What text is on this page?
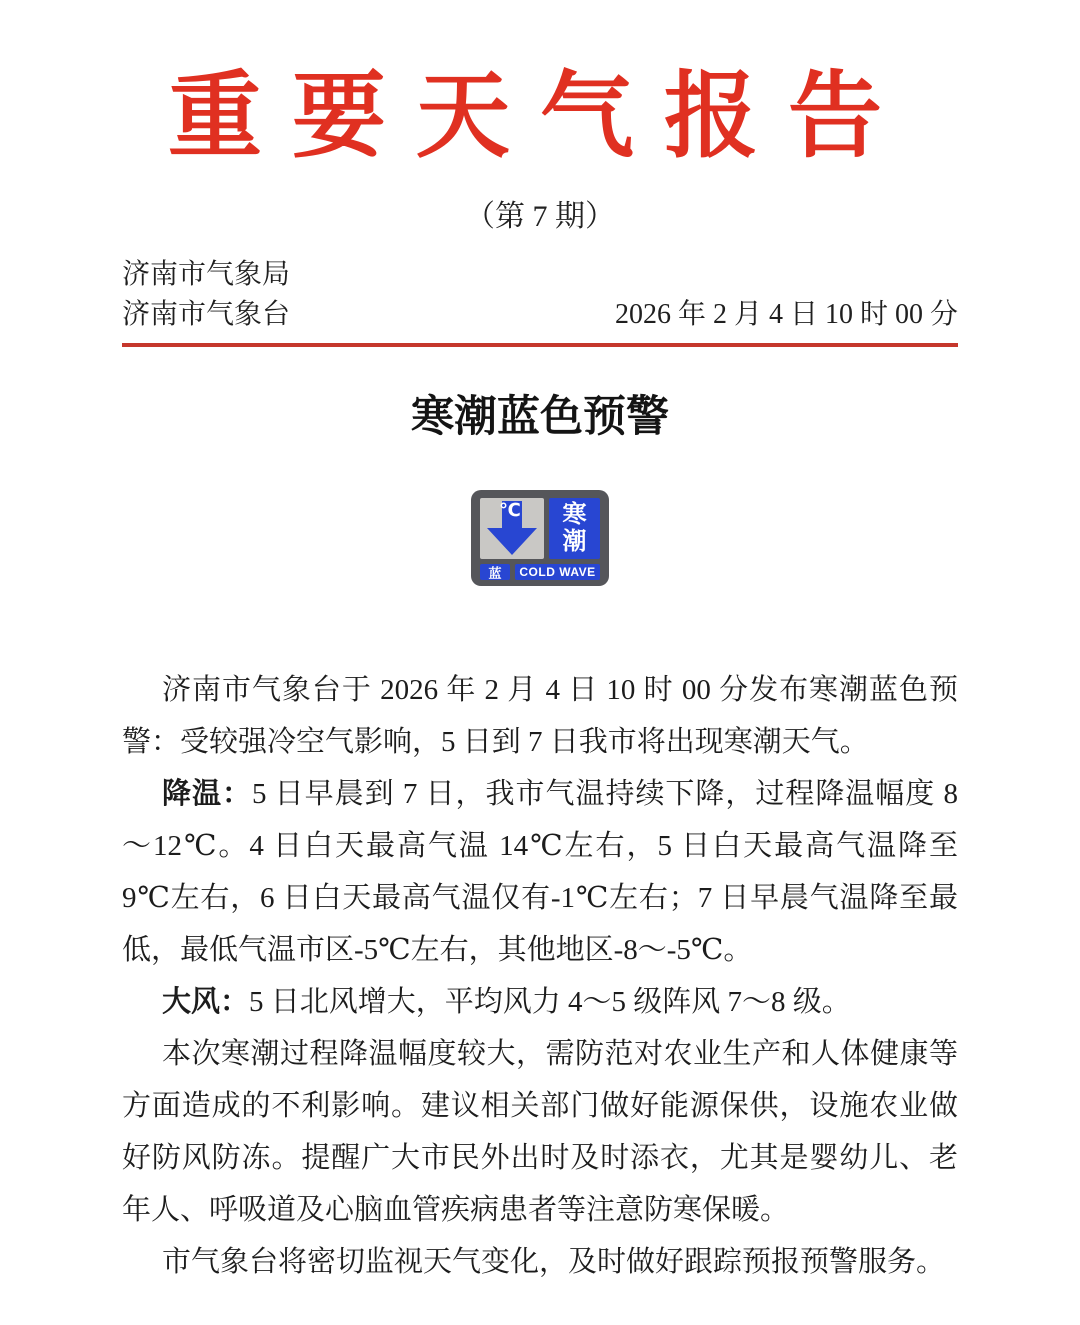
重要天气报告
（第 7 期）
济南市气象局
济南市气象台	2026 年 2 月 4 日 10 时 00 分
寒潮蓝色预警
℃ 寒
潮
蓝	COLD WAVE

济南市气象台于 2026 年 2 月 4 日 10 时 00 分发布寒潮蓝色预警：受较强冷空气影响，5 日到 7 日我市将出现寒潮天气。

降温：5 日早晨到 7 日，我市气温持续下降，过程降温幅度 8～12℃。4 日白天最高气温 14℃左右，5 日白天最高气温降至 9℃左右，6 日白天最高气温仅有-1℃左右；7 日早晨气温降至最低，最低气温市区-5℃左右，其他地区-8～-5℃。

大风：5 日北风增大，平均风力 4～5 级阵风 7～8 级。

本次寒潮过程降温幅度较大，需防范对农业生产和人体健康等方面造成的不利影响。建议相关部门做好能源保供，设施农业做好防风防冻。提醒广大市民外出时及时添衣，尤其是婴幼儿、老年人、呼吸道及心脑血管疾病患者等注意防寒保暖。

市气象台将密切监视天气变化，及时做好跟踪预报预警服务。
